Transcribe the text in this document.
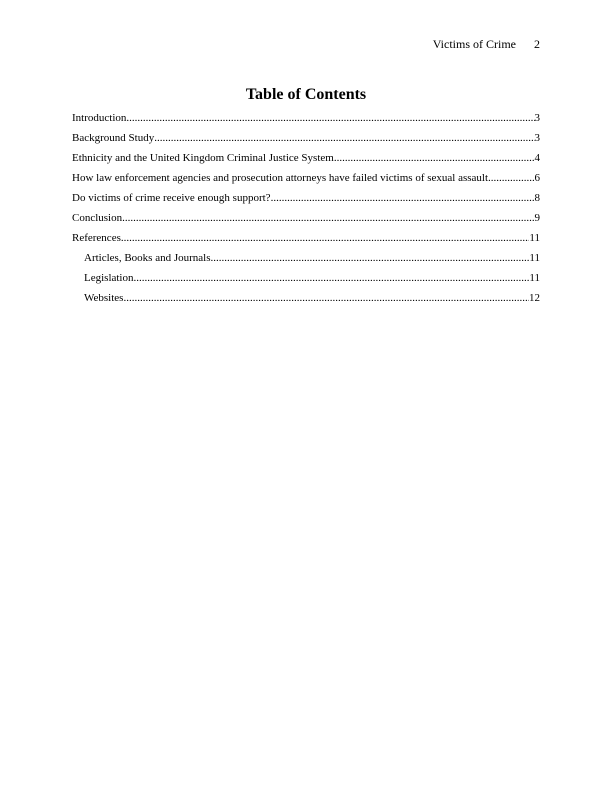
Victims of Crime 2
Table of Contents
Introduction .....	3
Background Study .....	3
Ethnicity and the United Kingdom Criminal Justice System .....	4
How law enforcement agencies and prosecution attorneys have failed victims of sexual assault .....	6
Do victims of crime receive enough support? .....	8
Conclusion .....	9
References .....	11
Articles, Books and Journals .....	11
Legislation .....	11
Websites .....	12
